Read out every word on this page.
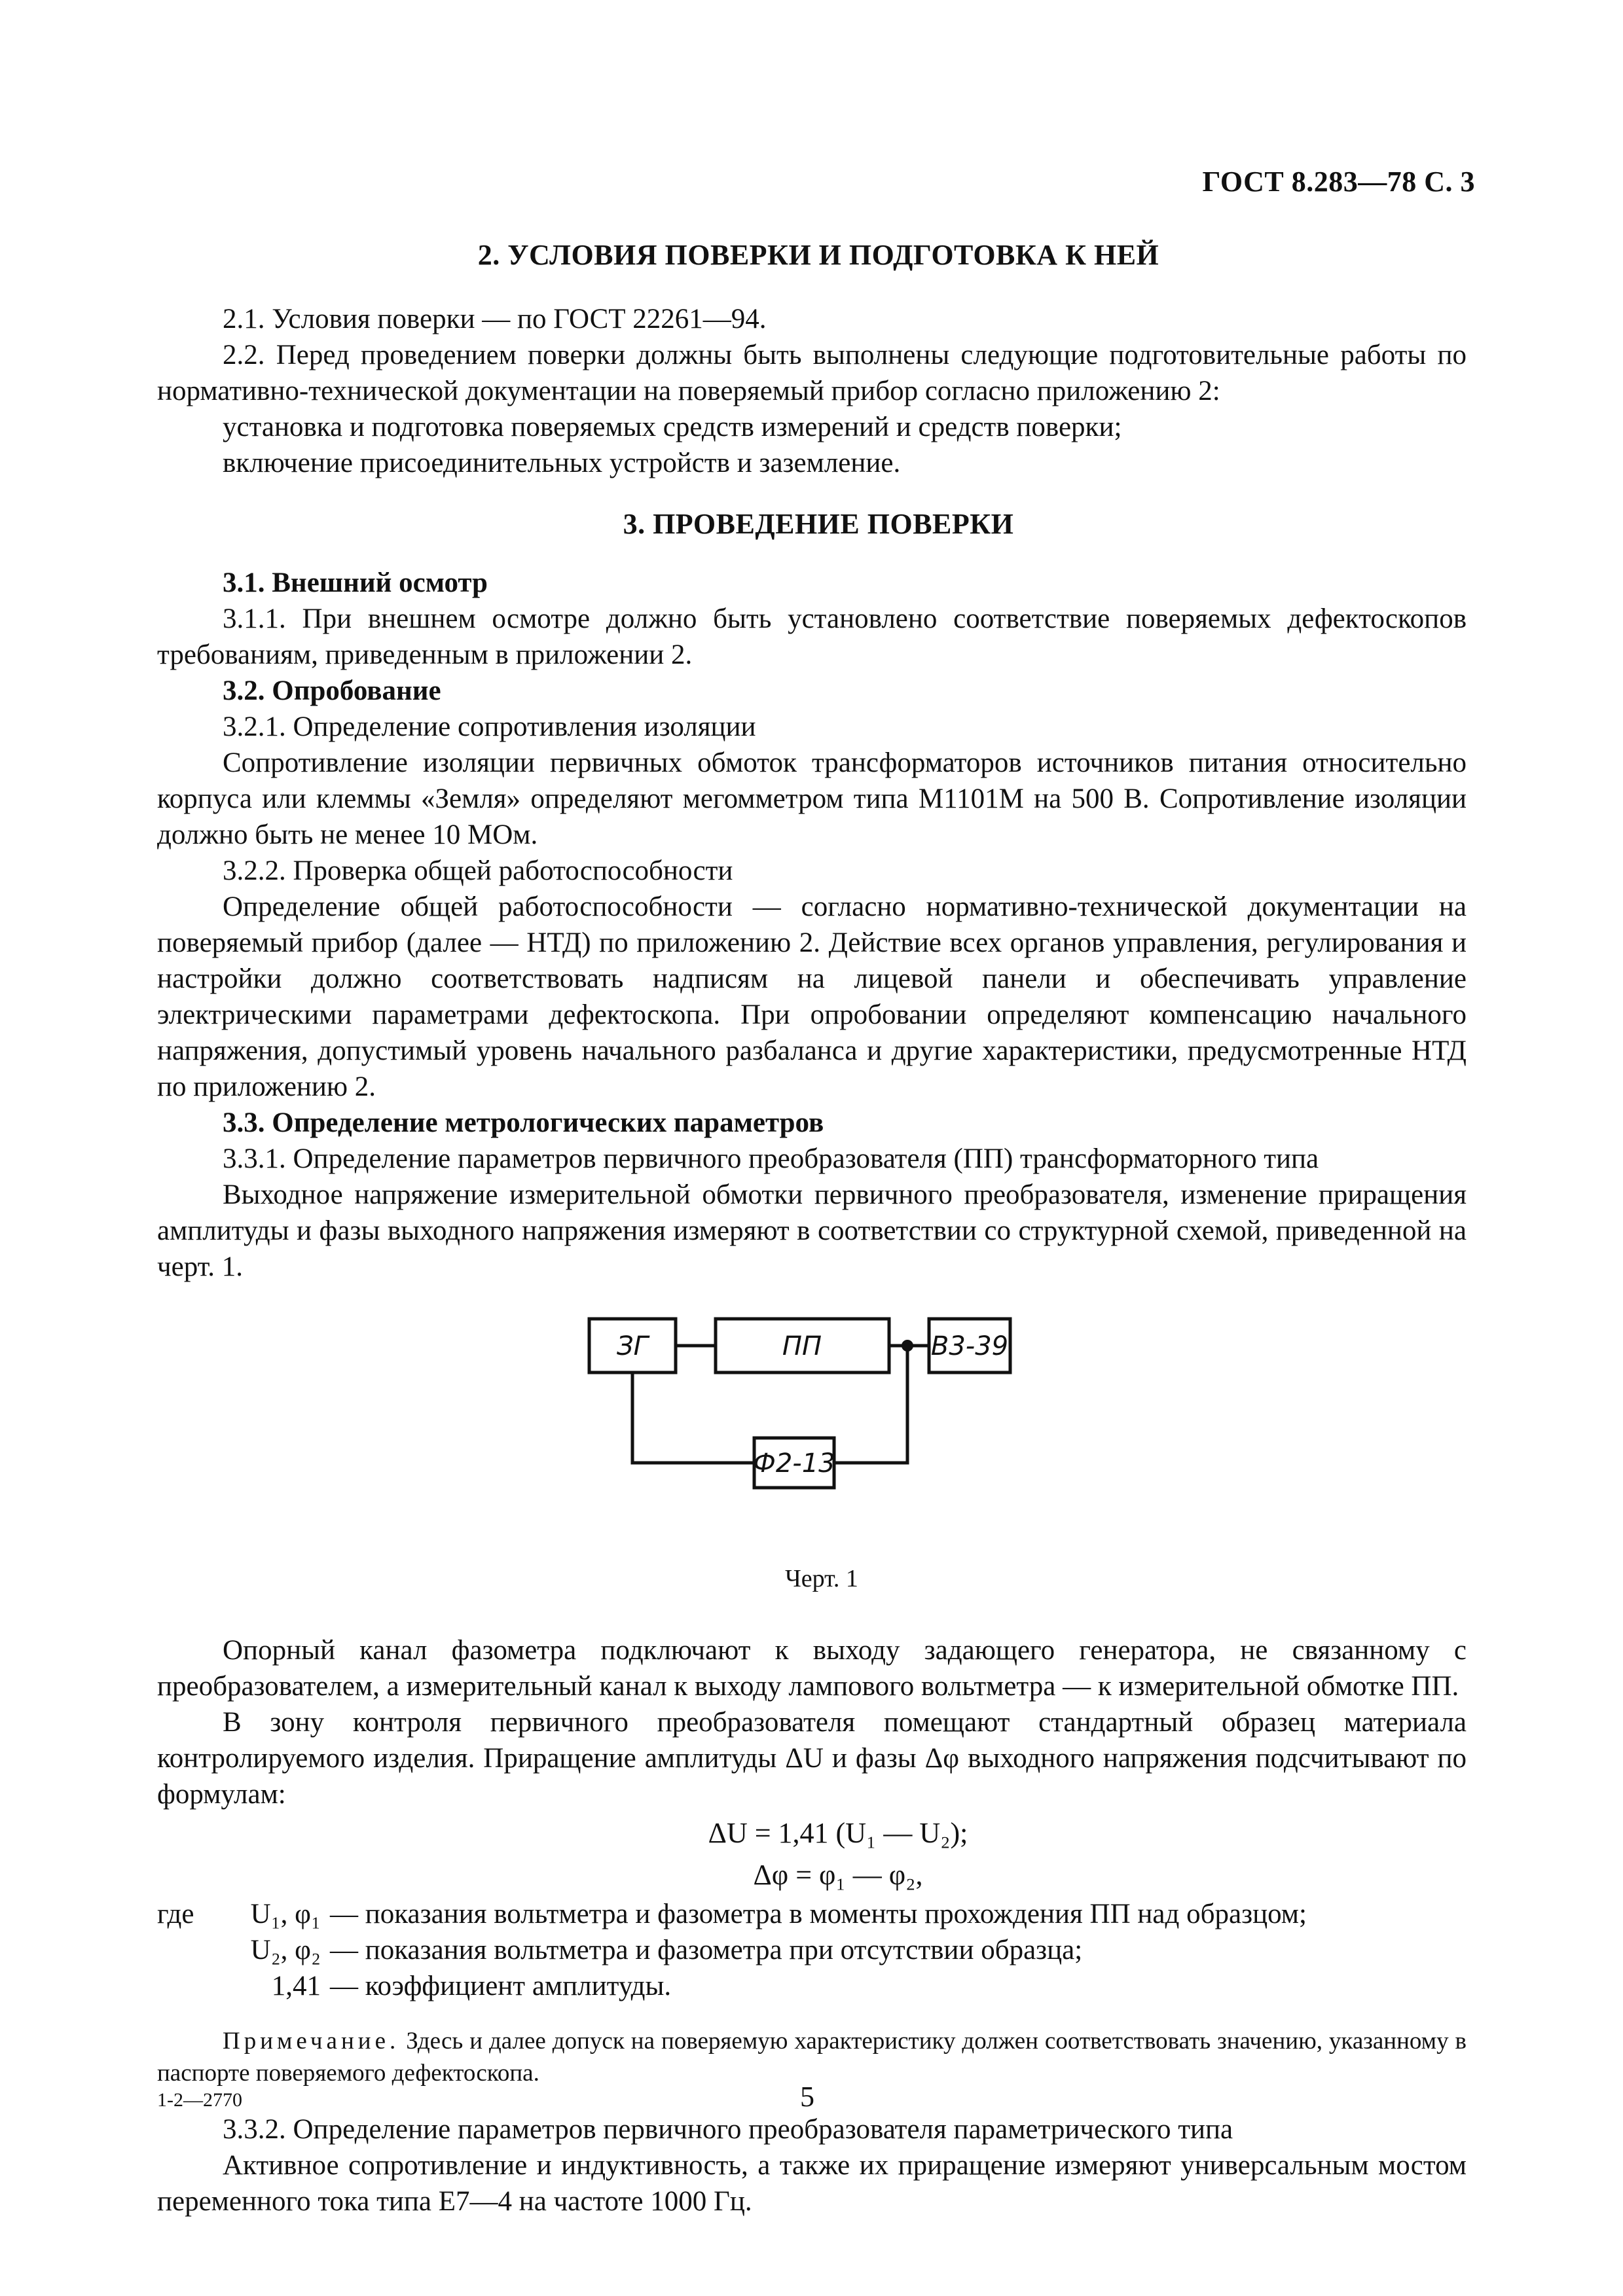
ГОСТ 8.283—78 С. 3
2. УСЛОВИЯ ПОВЕРКИ И ПОДГОТОВКА К НЕЙ

2.1. Условия поверки — по ГОСТ 22261—94.

2.2. Перед проведением поверки должны быть выполнены следующие подготовительные работы по нормативно-технической документации на поверяемый прибор согласно приложению 2:

установка и подготовка поверяемых средств измерений и средств поверки;

включение присоединительных устройств и заземление.

3. ПРОВЕДЕНИЕ ПОВЕРКИ
3.1. Внешний осмотр

3.1.1. При внешнем осмотре должно быть установлено соответствие поверяемых дефектоскопов требованиям, приведенным в приложении 2.

3.2. Опробование

3.2.1. Определение сопротивления изоляции

Сопротивление изоляции первичных обмоток трансформаторов источников питания относительно корпуса или клеммы «Земля» определяют мегомметром типа М1101М на 500 В. Сопротивление изоляции должно быть не менее 10 МОм.

3.2.2. Проверка общей работоспособности

Определение общей работоспособности — согласно нормативно-технической документации на поверяемый прибор (далее — НТД) по приложению 2. Действие всех органов управления, регулирования и настройки должно соответствовать надписям на лицевой панели и обеспечивать управление электрическими параметрами дефектоскопа. При опробовании определяют компенсацию начального напряжения, допустимый уровень начального разбаланса и другие характеристики, предусмотренные НТД по приложению 2.

3.3. Определение метрологических параметров

3.3.1. Определение параметров первичного преобразователя (ПП) трансформаторного типа

Выходное напряжение измерительной обмотки первичного преобразователя, изменение приращения амплитуды и фазы выходного напряжения измеряют в соответствии со структурной схемой, приведенной на черт. 1.

ЗГ	ПП	В3-39
Ф2-13
Черт. 1

Опорный канал фазометра подключают к выходу задающего генератора, не связанному с преобразователем, а измерительный канал к выходу лампового вольтметра — к измерительной обмотке ПП.

В зону контроля первичного преобразователя помещают стандартный образец материала контролируемого изделия. Приращение амплитуды ΔU и фазы Δφ выходного напряжения подсчитывают по формулам:

ΔU = 1,41 (U₁ — U₂);
Δφ = φ₁ — φ₂,
где	U₁, φ₁ — показания вольтметра и фазометра в моменты прохождения ПП над образцом;
U₂, φ₂ — показания вольтметра и фазометра при отсутствии образца;
1,41 — коэффициент амплитуды.
Примечание. Здесь и далее допуск на поверяемую характеристику должен соответствовать значению, указанному в паспорте поверяемого дефектоскопа.

3.3.2. Определение параметров первичного преобразователя параметрического типа

Активное сопротивление и индуктивность, а также их приращение измеряют универсальным мостом переменного тока типа Е7—4 на частоте 1000 Гц.

1-2—2770	5
